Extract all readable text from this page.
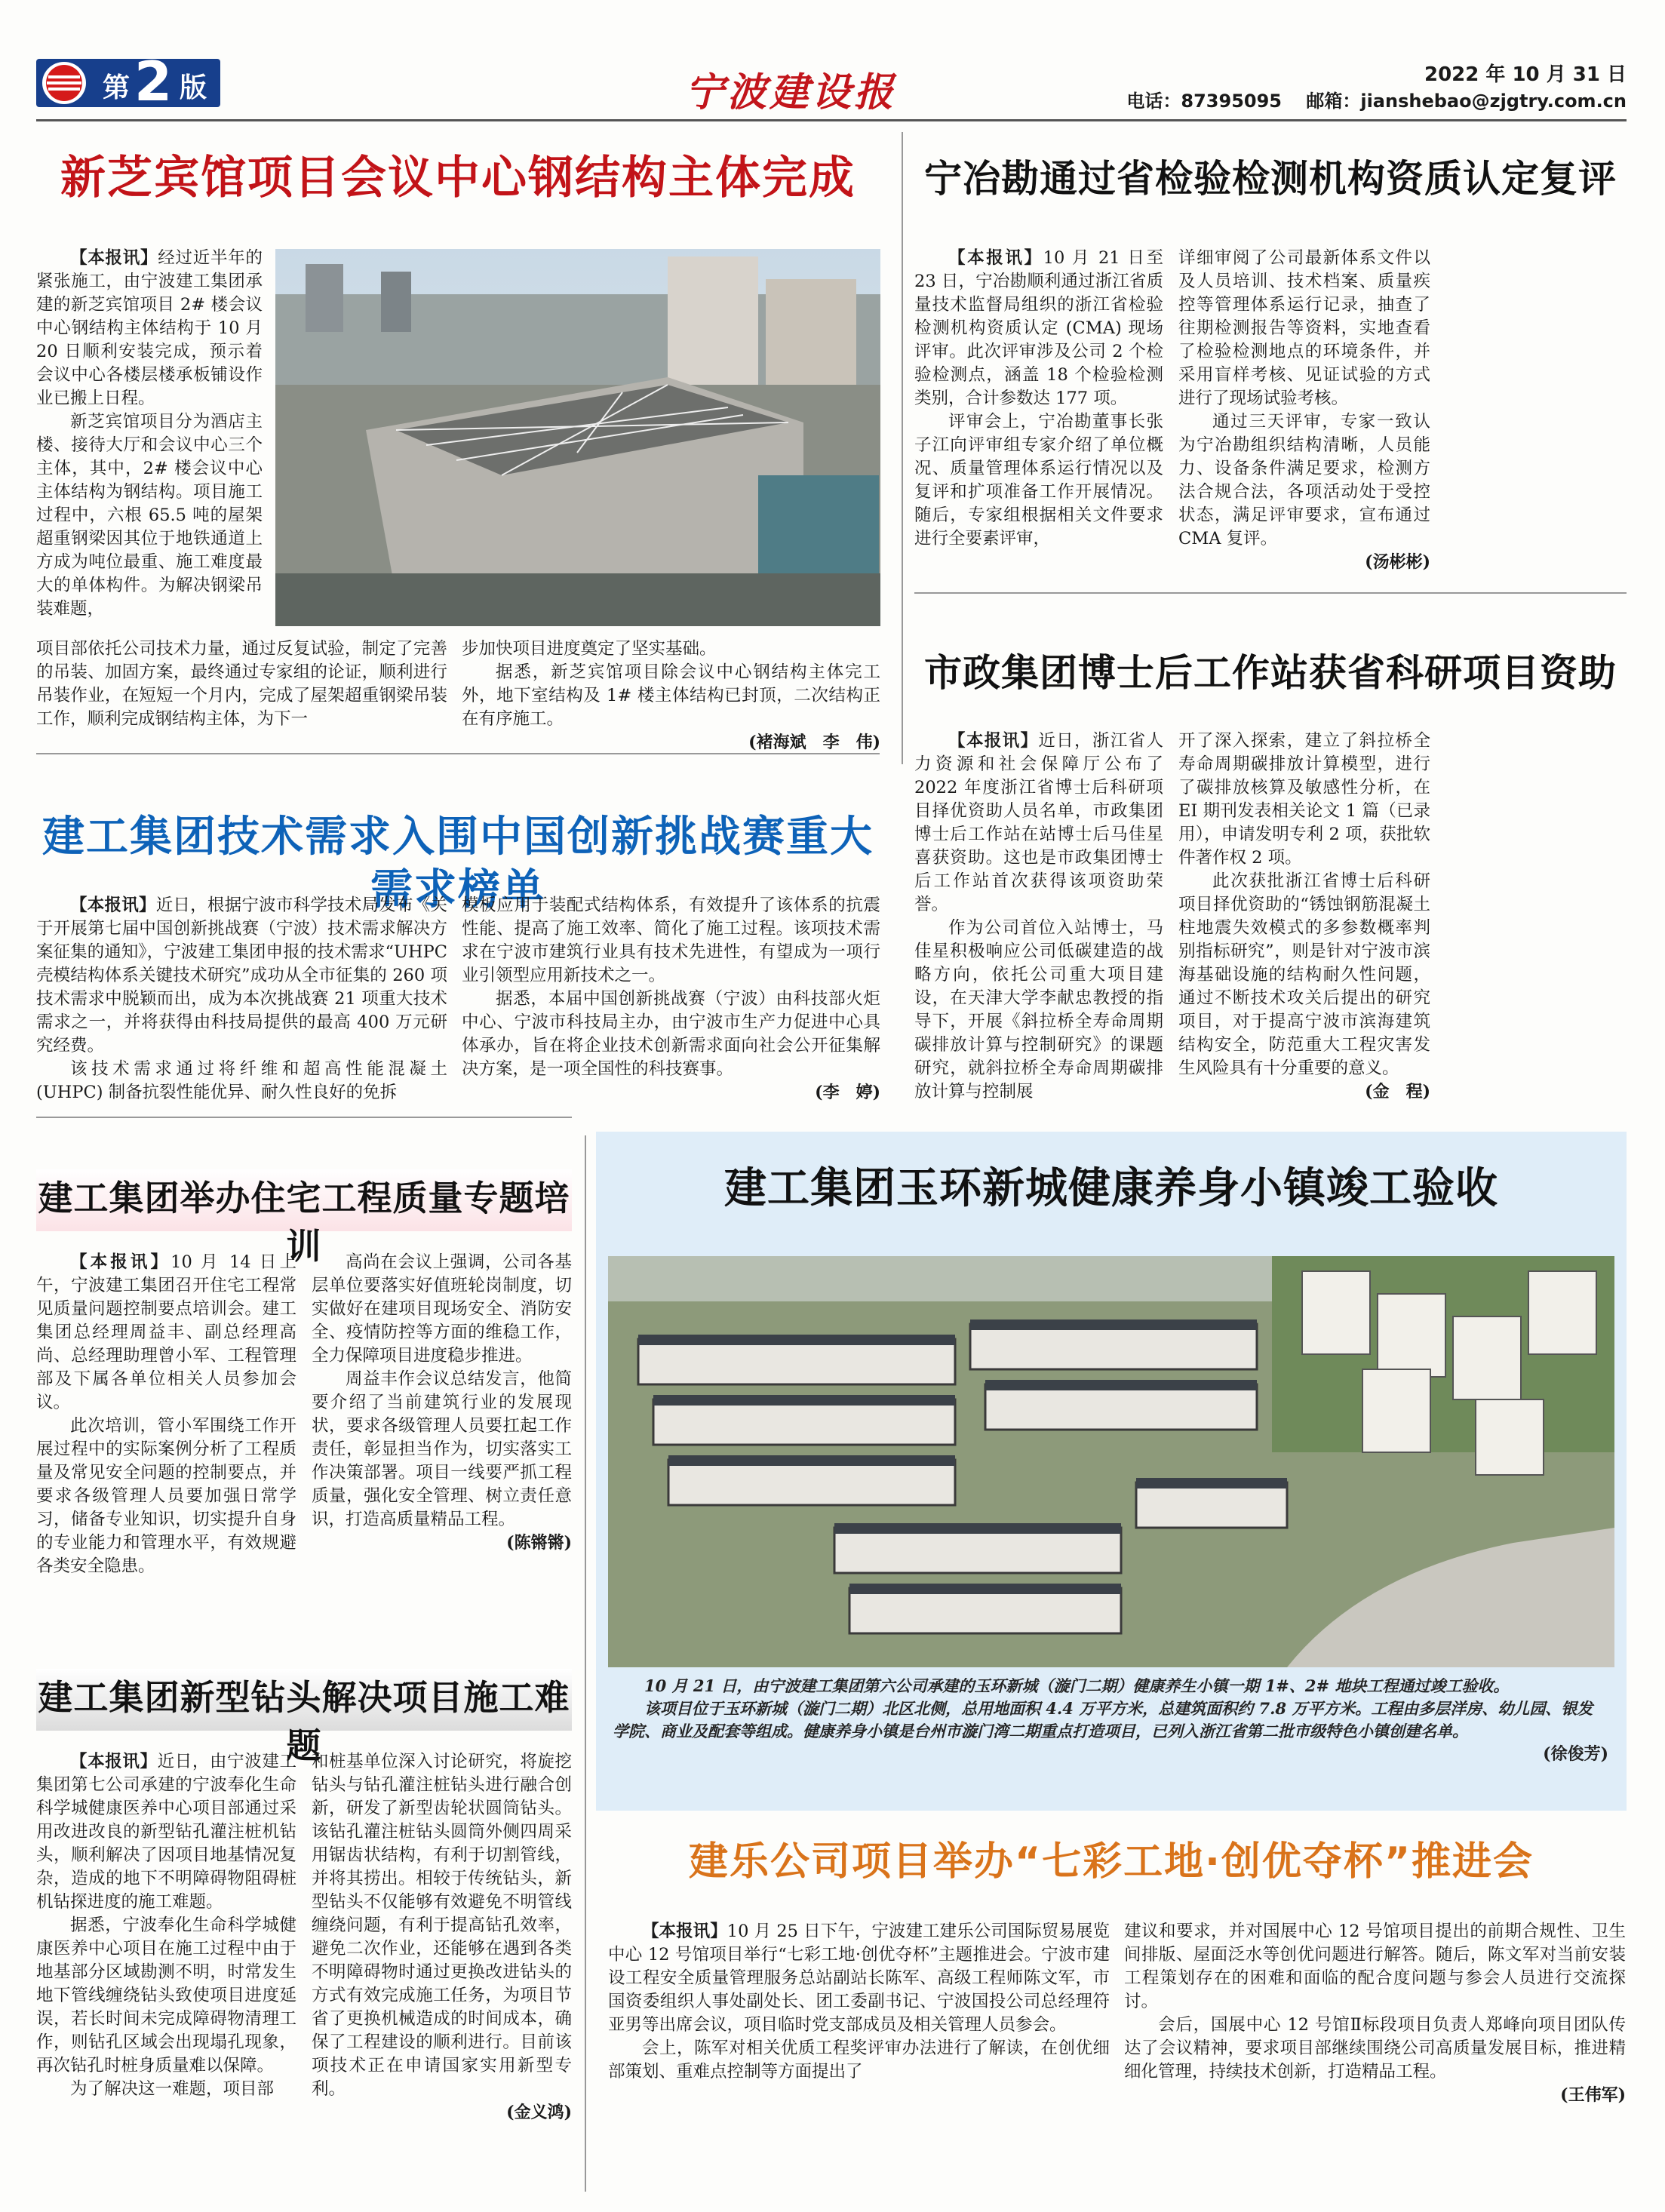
第 2 版	宁波建设报	2022 年 10 月 31 日
电话：87395095　 邮箱：jianshebao@zjgtry.com.cn
新芝宾馆项目会议中心钢结构主体完成

【本报讯】经过近半年的紧张施工，由宁波建工集团承建的新芝宾馆项目 2# 楼会议中心钢结构主体结构于 10 月 20 日顺利安装完成，预示着会议中心各楼层楼承板铺设作业已搬上日程。

新芝宾馆项目分为酒店主楼、接待大厅和会议中心三个主体，其中，2# 楼会议中心主体结构为钢结构。项目施工过程中，六根 65.5 吨的屋架超重钢梁因其位于地铁通道上方成为吨位最重、施工难度最大的单体构件。为解决钢梁吊装难题，

项目部依托公司技术力量，通过反复试验，制定了完善的吊装、加固方案，最终通过专家组的论证，顺利进行吊装作业，在短短一个月内，完成了屋架超重钢梁吊装工作，顺利完成钢结构主体，为下一

步加快项目进度奠定了坚实基础。

据悉，新芝宾馆项目除会议中心钢结构主体完工外，地下室结构及 1# 楼主体结构已封顶，二次结构正在有序施工。

(褚海斌　李　伟)
宁冶勘通过省检验检测机构资质认定复评

【本报讯】10 月 21 日至 23 日，宁冶勘顺利通过浙江省质量技术监督局组织的浙江省检验检测机构资质认定 (CMA) 现场评审。此次评审涉及公司 2 个检验检测点，涵盖 18 个检验检测类别，合计参数达 177 项。

评审会上，宁冶勘董事长张子江向评审组专家介绍了单位概况、质量管理体系运行情况以及复评和扩项准备工作开展情况。随后，专家组根据相关文件要求进行全要素评审，

详细审阅了公司最新体系文件以及人员培训、技术档案、质量疾控等管理体系运行记录，抽查了往期检测报告等资料，实地查看了检验检测地点的环境条件，并采用盲样考核、见证试验的方式进行了现场试验考核。

通过三天评审，专家一致认为宁冶勘组织结构清晰，人员能力、设备条件满足要求，检测方法合规合法，各项活动处于受控状态，满足评审要求，宣布通过 CMA 复评。

(汤彬彬)
市政集团博士后工作站获省科研项目资助

【本报讯】近日，浙江省人力资源和社会保障厅公布了 2022 年度浙江省博士后科研项目择优资助人员名单，市政集团博士后工作站在站博士后马佳星喜获资助。这也是市政集团博士后工作站首次获得该项资助荣誉。

作为公司首位入站博士，马佳星积极响应公司低碳建造的战略方向，依托公司重大项目建设，在天津大学李献忠教授的指导下，开展《斜拉桥全寿命周期碳排放计算与控制研究》的课题研究，就斜拉桥全寿命周期碳排放计算与控制展

开了深入探索，建立了斜拉桥全寿命周期碳排放计算模型，进行了碳排放核算及敏感性分析，在 EI 期刊发表相关论文 1 篇（已录用），申请发明专利 2 项，获批软件著作权 2 项。

此次获批浙江省博士后科研项目择优资助的“锈蚀钢筋混凝土柱地震失效模式的多参数概率判别指标研究”，则是针对宁波市滨海基础设施的结构耐久性问题，通过不断技术攻关后提出的研究项目，对于提高宁波市滨海建筑结构安全，防范重大工程灾害发生风险具有十分重要的意义。

(金　程)
建工集团技术需求入围中国创新挑战赛重大需求榜单

【本报讯】近日，根据宁波市科学技术局发布《关于开展第七届中国创新挑战赛（宁波）技术需求解决方案征集的通知》，宁波建工集团申报的技术需求“UHPC 壳模结构体系关键技术研究”成功从全市征集的 260 项技术需求中脱颖而出，成为本次挑战赛 21 项重大技术需求之一，并将获得由科技局提供的最高 400 万元研究经费。

该技术需求通过将纤维和超高性能混凝土 (UHPC) 制备抗裂性能优异、耐久性良好的免拆

模板应用于装配式结构体系，有效提升了该体系的抗震性能、提高了施工效率、简化了施工过程。该项技术需求在宁波市建筑行业具有技术先进性，有望成为一项行业引领型应用新技术之一。

据悉，本届中国创新挑战赛（宁波）由科技部火炬中心、宁波市科技局主办，由宁波市生产力促进中心具体承办，旨在将企业技术创新需求面向社会公开征集解决方案，是一项全国性的科技赛事。

(李　婷)
建工集团举办住宅工程质量专题培训

【本报讯】10 月 14 日上午，宁波建工集团召开住宅工程常见质量问题控制要点培训会。建工集团总经理周益丰、副总经理高尚、总经理助理曾小军、工程管理部及下属各单位相关人员参加会议。

此次培训，管小军围绕工作开展过程中的实际案例分析了工程质量及常见安全问题的控制要点，并要求各级管理人员要加强日常学习，储备专业知识，切实提升自身的专业能力和管理水平，有效规避各类安全隐患。

高尚在会议上强调，公司各基层单位要落实好值班轮岗制度，切实做好在建项目现场安全、消防安全、疫情防控等方面的维稳工作，全力保障项目进度稳步推进。

周益丰作会议总结发言，他简要介绍了当前建筑行业的发展现状，要求各级管理人员要扛起工作责任，彰显担当作为，切实落实工作决策部署。项目一线要严抓工程质量，强化安全管理、树立责任意识，打造高质量精品工程。

(陈锵锵)
建工集团玉环新城健康养身小镇竣工验收
10 月 21 日，由宁波建工集团第六公司承建的玉环新城（漩门二期）健康养生小镇一期 1#、2# 地块工程通过竣工验收。
该项目位于玉环新城（漩门二期）北区北侧，总用地面积 4.4 万平方米，总建筑面积约 7.8 万平方米。工程由多层洋房、幼儿园、银发学院、商业及配套等组成。健康养身小镇是台州市漩门湾二期重点打造项目，已列入浙江省第二批市级特色小镇创建名单。
(徐俊芳)
建工集团新型钻头解决项目施工难题

【本报讯】近日，由宁波建工集团第七公司承建的宁波奉化生命科学城健康医养中心项目部通过采用改进改良的新型钻孔灌注桩机钻头，顺利解决了因项目地基情况复杂，造成的地下不明障碍物阻碍桩机钻探进度的施工难题。

据悉，宁波奉化生命科学城健康医养中心项目在施工过程中由于地基部分区域勘测不明，时常发生地下管线缠绕钻头致使项目进度延误，若长时间未完成障碍物清理工作，则钻孔区域会出现塌孔现象，再次钻孔时桩身质量难以保障。

为了解决这一难题，项目部

和桩基单位深入讨论研究，将旋挖钻头与钻孔灌注桩钻头进行融合创新，研发了新型齿轮状圆筒钻头。该钻孔灌注桩钻头圆筒外侧四周采用锯齿状结构，有利于切割管线，并将其捞出。相较于传统钻头，新型钻头不仅能够有效避免不明管线缠绕问题，有利于提高钻孔效率，避免二次作业，还能够在遇到各类不明障碍物时通过更换改进钻头的方式有效完成施工任务，为项目节省了更换机械造成的时间成本，确保了工程建设的顺利进行。目前该项技术正在申请国家实用新型专利。

(金义鸿)
建乐公司项目举办“七彩工地·创优夺杯”推进会

【本报讯】10 月 25 日下午，宁波建工建乐公司国际贸易展览中心 12 号馆项目举行“七彩工地·创优夺杯”主题推进会。宁波市建设工程安全质量管理服务总站副站长陈军、高级工程师陈文军，市国资委组织人事处副处长、团工委副书记、宁波国投公司总经理符亚男等出席会议，项目临时党支部成员及相关管理人员参会。

会上，陈军对相关优质工程奖评审办法进行了解读，在创优细部策划、重难点控制等方面提出了

建议和要求，并对国展中心 12 号馆项目提出的前期合规性、卫生间排版、屋面泛水等创优问题进行解答。随后，陈文军对当前安装工程策划存在的困难和面临的配合度问题与参会人员进行交流探讨。

会后，国展中心 12 号馆Ⅱ标段项目负责人郑峰向项目团队传达了会议精神，要求项目部继续围绕公司高质量发展目标，推进精细化管理，持续技术创新，打造精品工程。

(王伟军)
